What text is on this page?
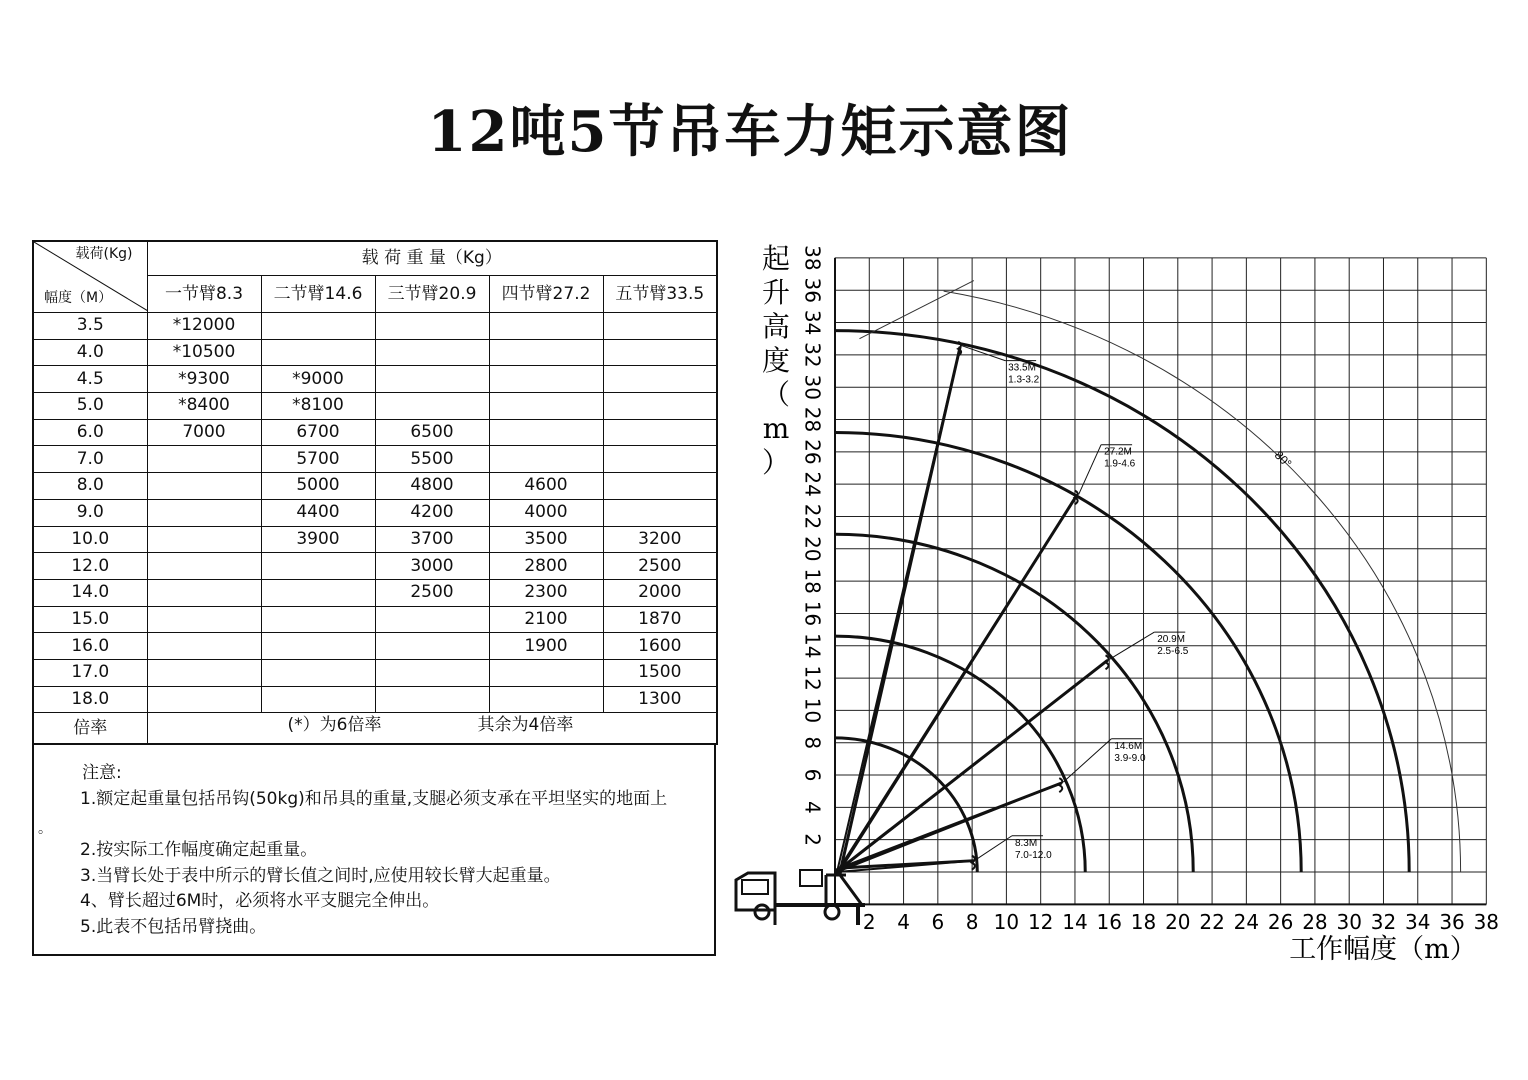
12吨5节吊车力矩示意图
载荷(Kg)
幅度（M）	载 荷 重 量（Kg）				
	一节臂8.3	二节臂14.6	三节臂20.9	四节臂27.2	五节臂33.5
3.5	*12000				
4.0	*10500				
4.5	*9300	*9000			
5.0	*8400	*8100			
6.0	7000	6700	6500		
7.0		5700	5500		
8.0		5000	4800	4600	
9.0		4400	4200	4000	
10.0		3900	3700	3500	3200
12.0			3000	2800	2500
14.0			2500	2300	2000
15.0				2100	1870
16.0				1900	1600
17.0					1500
18.0					1300
倍率	(*）为6倍率 其余为4倍率				
。
注意:
1.额定起重量包括吊钩(50kg)和吊具的重量,支腿必须支承在平坦坚实的地面上
2.按实际工作幅度确定起重量。
3.当臂长处于表中所示的臂长值之间时,应使用较长臂大起重量。
4、臂长超过6M时，必须将水平支腿完全伸出。
5.此表不包括吊臂挠曲。
80°
8.3M
7.0-12.0
14.6M
3.9-9.0
20.9M
2.5-6.5
27.2M
1.9-4.6
33.5M
1.3-3.2
2 4 6 8 10 12 14 16 18 20 22 24 26 28 30 32 34 36 38
2
4
6
8
10
12
14
16
18
20
22
24
26
28
30
32
34
36
38
工作幅度（m）
起
升
高
度
（
m
）
